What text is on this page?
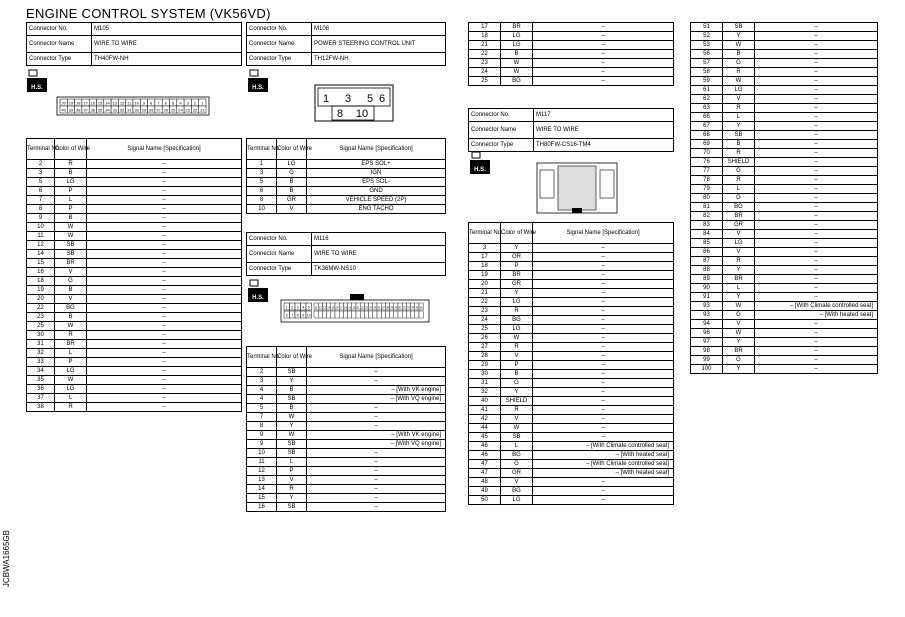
ENGINE CONTROL SYSTEM (VK56VD)
Connector No.	M105
Connector Name	WIRE TO WIRE
Connector Type	TH40FW-NH
Connector No.	M108
Connector Name	POWER STEERING CONTROL UNIT
Connector Type	TH12FW-NH
Connector No.	M116
Connector Name	WIRE TO WIRE
Connector Type	TK36MW-NS10
Connector No.	M117
Connector Name	WIRE TO WIRE
Connector Type	TH80FW-CS16-TM4
H.S.	H.S.
H.S.
H.S.
20 19 18 17 16 15 14 13 12 11 10 9 8 7 6 5 4 3 2 1
40 39 38 37 36 35 34 33 32 31 30 29 28 27 26 25 24 23 22 21
1 3 5 6
8 10
1 2 3 4 5 11 12 13 14 15 16 17 18 19 20 21 22 23 24 25 26 27 28 29 30 31 32 33 34 35 36
6 7 8 9 10
Terminal No.	Color of Wire	Signal Name [Specification]
2	R	–
3	B	–
5	LG	–
6	P	–
7	L	–
8	P	–
9	B	–
10	W	–
11	W	–
12	SB	–
14	SB	–
15	BR	–
16	V	–
18	G	–
19	B	–
20	V	–
22	BG	–
23	B	–
25	W	–
30	R	–
31	BR	–
32	L	–
33	P	–
34	LG	–
35	W	–
36	LG	–
37	L	–
38	R	–
Terminal No.	Color of Wire	Signal Name [Specification]
1	LG	EPS SOL+
3	G	IGN
5	B	EPS SOL-
6	B	GND
8	GR	VEHICLE SPEED (2P)
10	V	ENG TACHO
Terminal No.	Color of Wire	Signal Name [Specification]
2	SB	–
3	Y	–
4	B	– [With VK engine]
4	SB	– [With VQ engine]
5	B	–
7	W	–
8	Y	–
9	W	– [With VK engine]
9	SB	– [With VQ engine]
10	SB	–
11	L	–
12	P	–
13	V	–
14	R	–
15	Y	–
16	SB	–
17	BR	–
18	LG	–
21	LG	–
22	B	–
23	W	–
24	W	–
25	BG	–
Terminal No.	Color of Wire	Signal Name [Specification]
3	Y	–
17	GR	–
18	P	–
19	BR	–
20	GR	–
21	Y	–
22	LG	–
23	R	–
24	BG	–
25	LG	–
26	W	–
27	R	–
28	V	–
29	P	–
30	B	–
31	G	–
32	Y	–
40	SHIELD	–
41	R	–
42	V	–
44	W	–
45	SB	–
46	L	– [With Climate controlled seat]
46	BG	– [With heated seat]
47	G	– [With Climate controlled seat]
47	GR	– [With heated seat]
48	V	–
49	BG	–
50	LG	–
51	SB	–
52	Y	–
53	W	–
56	B	–
57	G	–
58	R	–
59	W	–
61	LG	–
62	V	–
63	R	–
66	L	–
67	Y	–
68	SB	–
69	B	–
70	R	–
76	SHIELD	–
77	G	–
78	R	–
79	L	–
80	G	–
81	BG	–
82	BR	–
83	GR	–
84	V	–
85	LG	–
86	V	–
87	R	–
88	Y	–
89	BR	–
90	L	–
91	Y	–
93	W	– [With Climate controlled seat]
93	G	– [With heated seat]
94	V	–
96	W	–
97	Y	–
98	BR	–
99	G	–
100	Y	–
JCBWA1665GB
